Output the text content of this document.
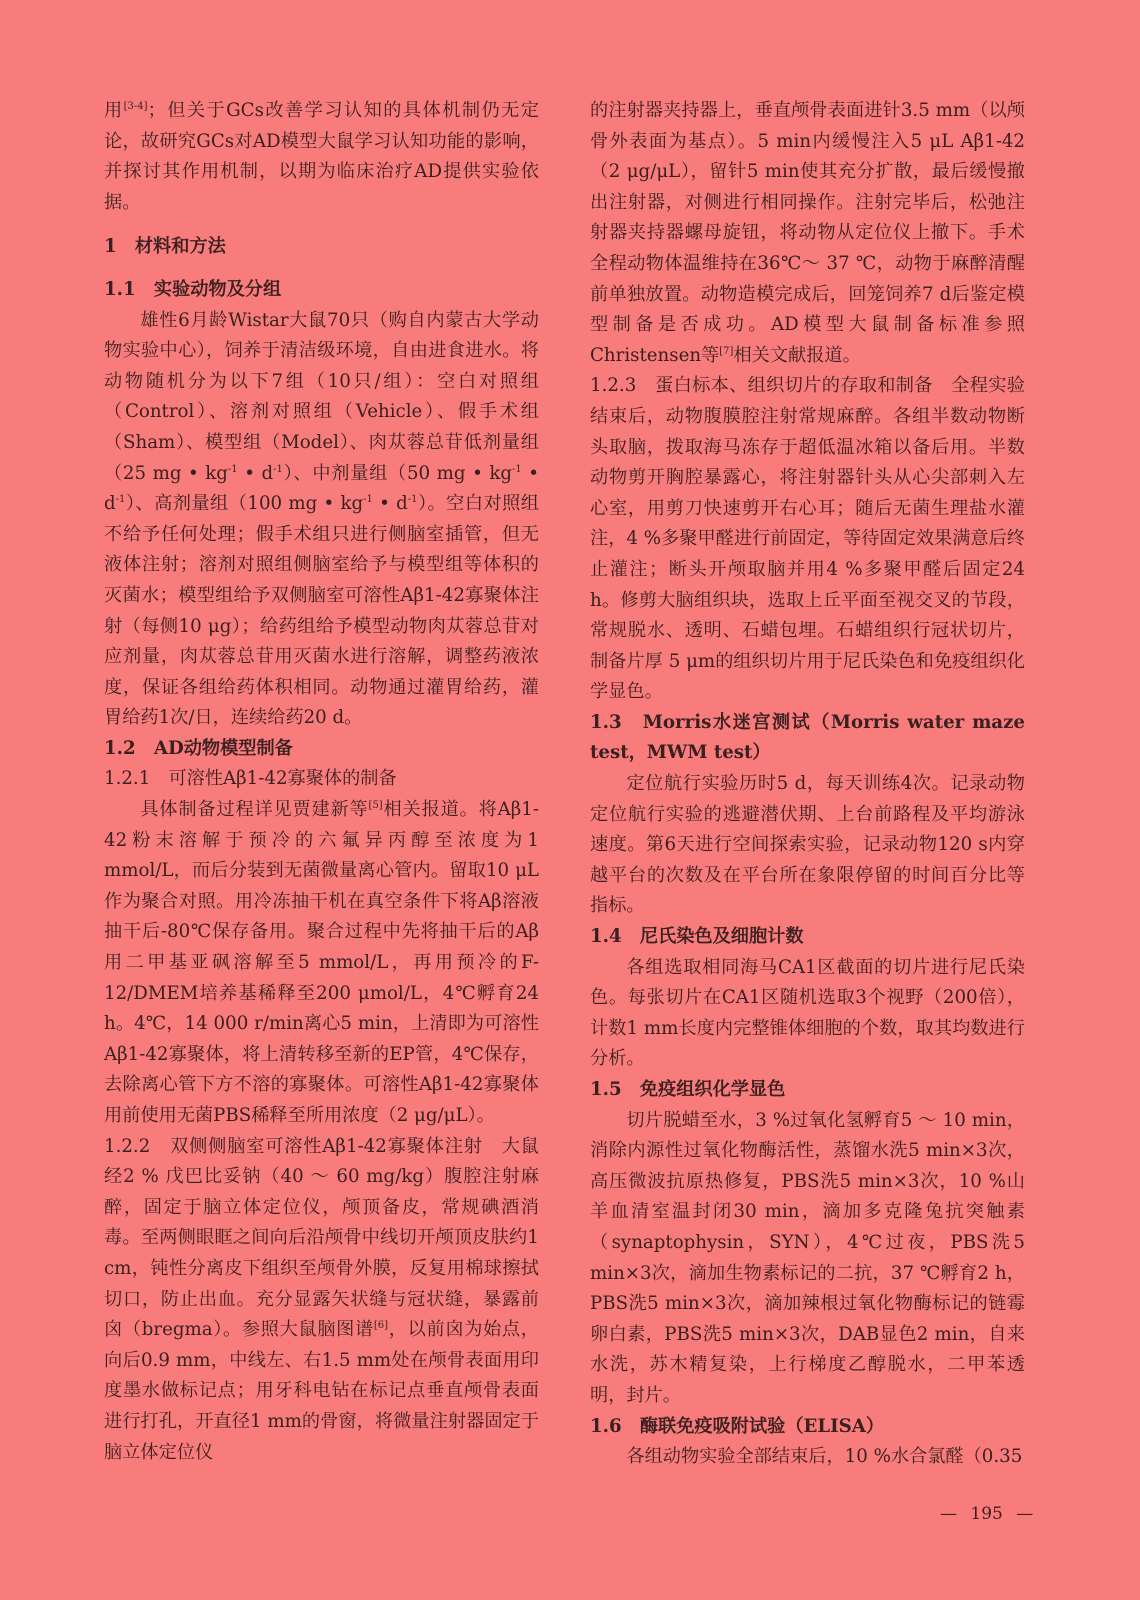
用[3-4]；但关于GCs改善学习认知的具体机制仍无定论，故研究GCs对AD模型大鼠学习认知功能的影响，并探讨其作用机制，以期为临床治疗AD提供实验依据。

1　材料和方法

1.1　实验动物及分组

雄性6月龄Wistar大鼠70只（购自内蒙古大学动物实验中心），饲养于清洁级环境，自由进食进水。将动物随机分为以下7组（10只/组）：空白对照组（Control）、溶剂对照组（Vehicle）、假手术组（Sham）、模型组（Model）、肉苁蓉总苷低剂量组（25 mg • $kg^{-1}$ • $d^{-1}$）、中剂量组（50 mg • $kg^{-1}$ • $d^{-1}$）、高剂量组（100 mg • $kg^{-1}$ • $d^{-1}$）。空白对照组不给予任何处理；假手术组只进行侧脑室插管，但无液体注射；溶剂对照组侧脑室给予与模型组等体积的灭菌水；模型组给予双侧脑室可溶性Aβ1-42寡聚体注射（每侧10 μg）；给药组给予模型动物肉苁蓉总苷对应剂量，肉苁蓉总苷用灭菌水进行溶解，调整药液浓度，保证各组给药体积相同。动物通过灌胃给药，灌胃给药1次/日，连续给药20 d。

1.2　AD动物模型制备

1.2.1　可溶性Aβ1-42寡聚体的制备

具体制备过程详见贾建新等[5]相关报道。将Aβ1-42粉末溶解于预冷的六氟异丙醇至浓度为1 mmol/L，而后分装到无菌微量离心管内。留取10 μL作为聚合对照。用冷冻抽干机在真空条件下将Aβ溶液抽干后-80℃保存备用。聚合过程中先将抽干后的Aβ用二甲基亚砜溶解至5 mmol/L，再用预冷的F-12/DMEM培养基稀释至200 μmol/L，4℃孵育24 h。4℃，14 000 r/min离心5 min，上清即为可溶性Aβ1-42寡聚体，将上清转移至新的EP管，4℃保存，去除离心管下方不溶的寡聚体。可溶性Aβ1-42寡聚体用前使用无菌PBS稀释至所用浓度（2 μg/μL）。

1.2.2　双侧侧脑室可溶性Aβ1-42寡聚体注射　大鼠经2 % 戊巴比妥钠（40 ～ 60 mg/kg）腹腔注射麻醉，固定于脑立体定位仪，颅顶备皮，常规碘酒消毒。至两侧眼眶之间向后沿颅骨中线切开颅顶皮肤约1 cm，钝性分离皮下组织至颅骨外膜，反复用棉球擦拭切口，防止出血。充分显露矢状缝与冠状缝，暴露前囟（bregma）。参照大鼠脑图谱[6]，以前囟为始点，向后0.9 mm，中线左、右1.5 mm处在颅骨表面用印度墨水做标记点；用牙科电钻在标记点垂直颅骨表面进行打孔，开直径1 mm的骨窗，将微量注射器固定于脑立体定位仪

的注射器夹持器上，垂直颅骨表面进针3.5 mm（以颅骨外表面为基点）。5 min内缓慢注入5 μL Aβ1-42（2 μg/μL），留针5 min使其充分扩散，最后缓慢撤出注射器，对侧进行相同操作。注射完毕后，松弛注射器夹持器螺母旋钮，将动物从定位仪上撤下。手术全程动物体温维持在36℃～ 37 ℃，动物于麻醉清醒前单独放置。动物造模完成后，回笼饲养7 d后鉴定模型制备是否成功。AD模型大鼠制备标准参照Christensen等[7]相关文献报道。

1.2.3　蛋白标本、组织切片的存取和制备　全程实验结束后，动物腹膜腔注射常规麻醉。各组半数动物断头取脑，拨取海马冻存于超低温冰箱以备后用。半数动物剪开胸腔暴露心，将注射器针头从心尖部刺入左心室，用剪刀快速剪开右心耳；随后无菌生理盐水灌注，4 %多聚甲醛进行前固定，等待固定效果满意后终止灌注；断头开颅取脑并用4 %多聚甲醛后固定24 h。修剪大脑组织块，选取上丘平面至视交叉的节段，常规脱水、透明、石蜡包埋。石蜡组织行冠状切片，制备片厚 5 μm的组织切片用于尼氏染色和免疫组织化学显色。

1.3　Morris水迷宫测试（Morris water maze test，MWM test）

定位航行实验历时5 d，每天训练4次。记录动物定位航行实验的逃避潜伏期、上台前路程及平均游泳速度。第6天进行空间探索实验，记录动物120 s内穿越平台的次数及在平台所在象限停留的时间百分比等指标。

1.4　尼氏染色及细胞计数

各组选取相同海马CA1区截面的切片进行尼氏染色。每张切片在CA1区随机选取3个视野（200倍），计数1 mm长度内完整锥体细胞的个数，取其均数进行分析。

1.5　免疫组织化学显色

切片脱蜡至水，3 %过氧化氢孵育5 ～ 10 min，消除内源性过氧化物酶活性，蒸馏水洗5 min×3次，高压微波抗原热修复，PBS洗5 min×3次，10 %山羊血清室温封闭30 min，滴加多克隆兔抗突触素（synaptophysin，SYN），4℃过夜，PBS洗5 min×3次，滴加生物素标记的二抗，37 ℃孵育2 h，PBS洗5 min×3次，滴加辣根过氧化物酶标记的链霉卵白素，PBS洗5 min×3次，DAB显色2 min，自来水洗，苏木精复染，上行梯度乙醇脱水，二甲苯透明，封片。

1.6　酶联免疫吸附试验（ELISA）

各组动物实验全部结束后，10 %水合氯醛（0.35

— 195 —
